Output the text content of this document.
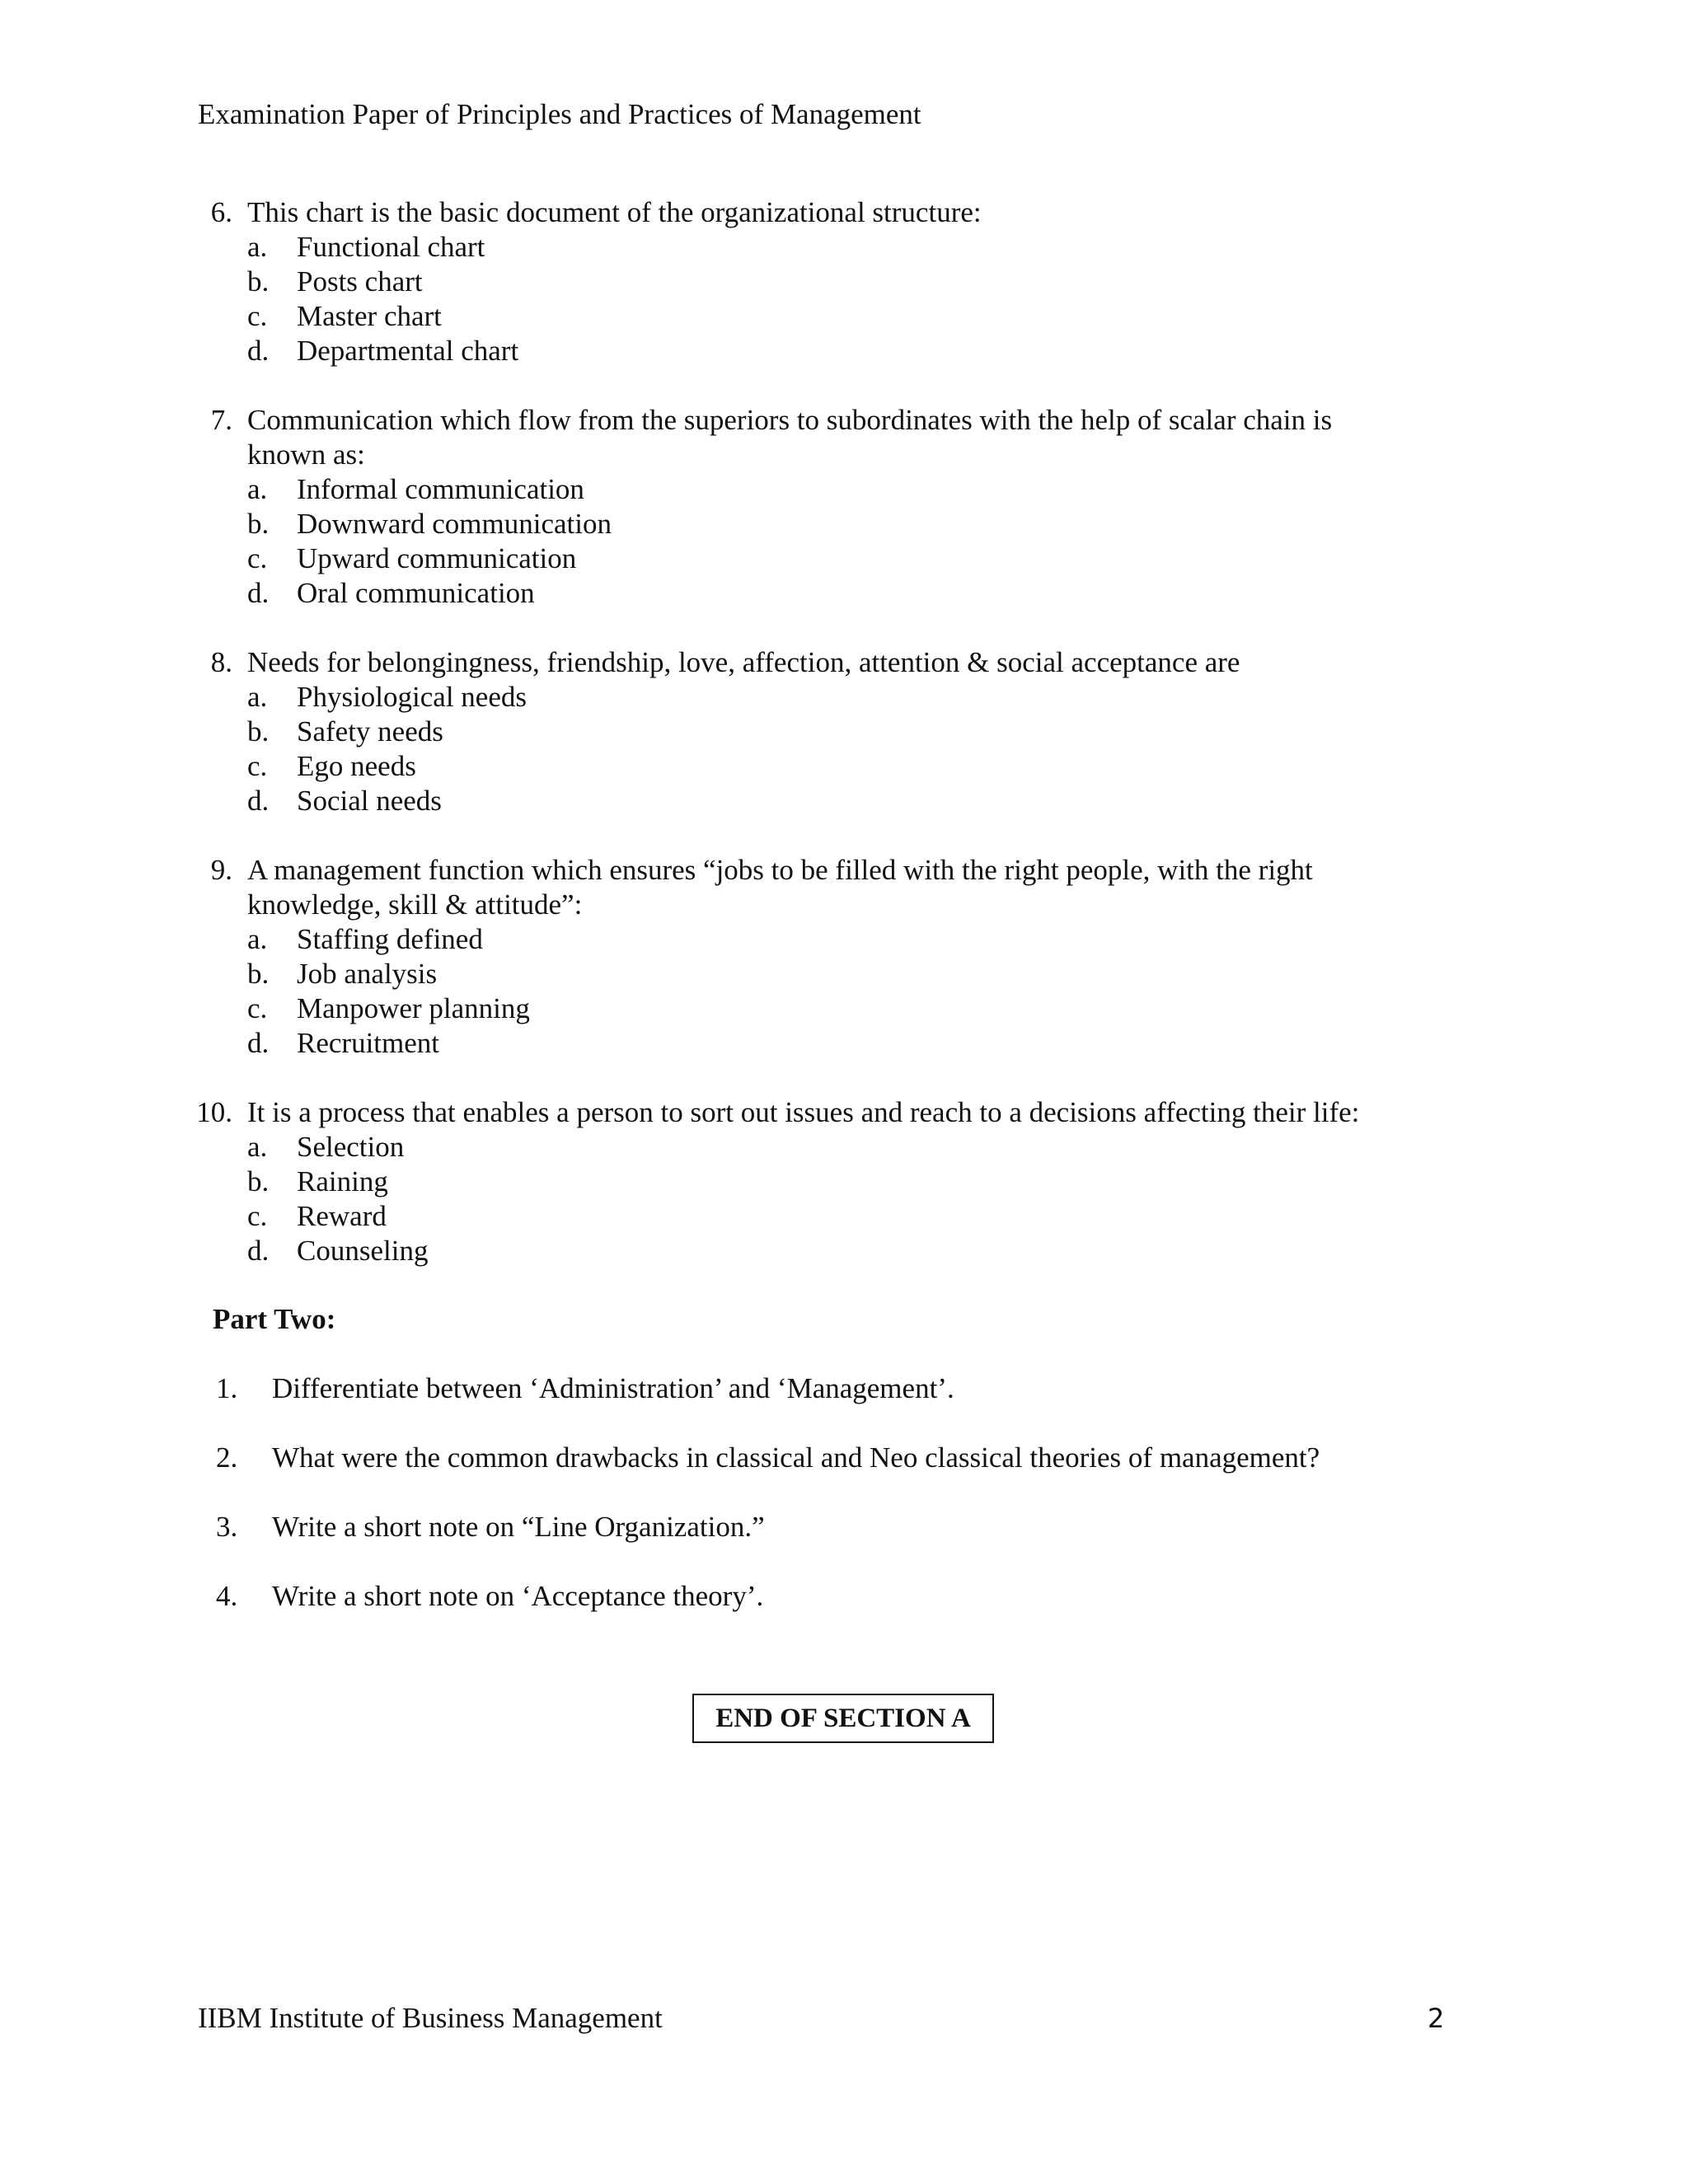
Examination Paper of Principles and Practices of Management
6. This chart is the basic document of the organizational structure:
a.	Functional chart
b. Posts chart
c.	Master chart
d. Departmental chart
7. Communication which flow from the superiors to subordinates with the help of scalar chain is
known as:
a.	Informal communication
b. Downward communication
c.	Upward communication
d. Oral communication
8. Needs for belongingness, friendship, love, affection, attention & social acceptance are
a.	Physiological needs
b. Safety needs
c.	Ego needs
d. Social needs
9. A management function which ensures “jobs to be filled with the right people, with the right
knowledge, skill & attitude”:
a.	Staffing defined
b. Job analysis
c.	Manpower planning
d. Recruitment
10. It is a process that enables a person to sort out issues and reach to a decisions affecting their life:
a.	Selection
b. Raining
c.	Reward
d. Counseling
Part Two:
1.	Differentiate between ‘Administration’ and ‘Management’.
2.	What were the common drawbacks in classical and Neo classical theories of management?
3.	Write a short note on “Line Organization.”
4.	Write a short note on ‘Acceptance theory’.
END OF SECTION A
IIBM Institute of Business Management	2
